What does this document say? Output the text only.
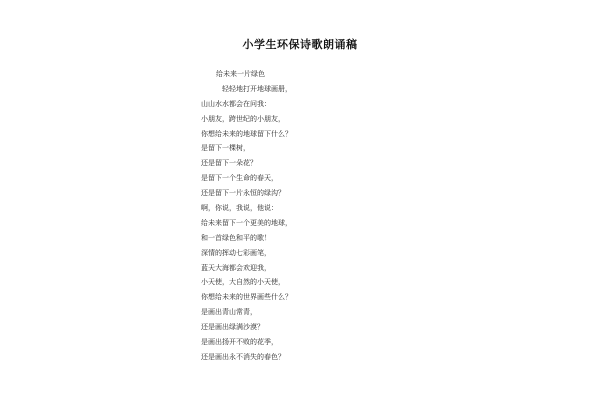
小学生环保诗歌朗诵稿
给未来一片绿色
轻轻地打开地球画册，
山山水水都会在问我：
小朋友，跨世纪的小朋友，
你想给未来的地球留下什么？
是留下一棵树，
还是留下一朵花？
是留下一个生命的春天，
还是留下一片永恒的绿沟？
啊，你说，我说，他说：
给未来留下一个更美的地球，
和一首绿色和平的歌！
深情的挥动七彩画笔，
蓝天大海都会欢迎我，
小天使，大自然的小天使，
你想给未来的世界画些什么？
是画出青山常青，
还是画出绿满沙漠？
是画出扬开不败的花季，
还是画出永不消失的春色？
